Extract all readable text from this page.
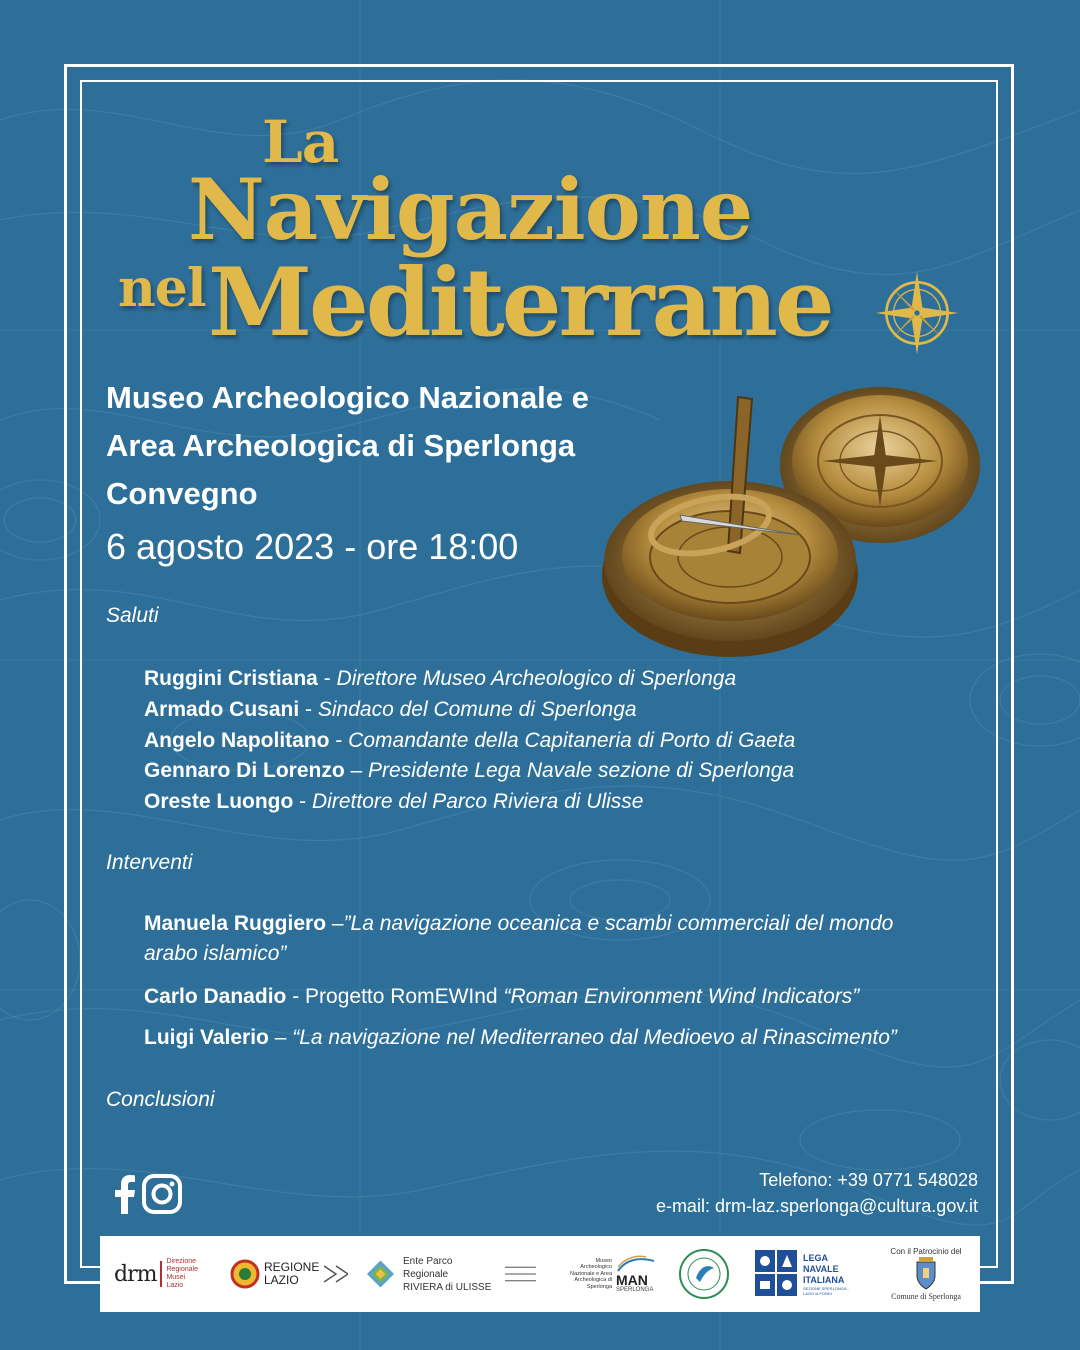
La
Navigazione
nel Mediterrane
Museo Archeologico Nazionale e
Area Archeologica di Sperlonga
Convegno
6 agosto 2023 - ore 18:00
Saluti
Ruggini Cristiana - Direttore Museo Archeologico di Sperlonga
Armado Cusani - Sindaco del Comune di Sperlonga
Angelo Napolitano - Comandante della Capitaneria di Porto di Gaeta
Gennaro Di Lorenzo – Presidente Lega Navale sezione di Sperlonga
Oreste Luongo - Direttore del Parco Riviera di Ulisse
Interventi
Manuela Ruggiero –”La navigazione oceanica e scambi commerciali del mondo
arabo islamico”
Carlo Danadio - Progetto RomEWInd “Roman Environment Wind Indicators”
Luigi Valerio – “La navigazione nel Mediterraneo dal Medioevo al Rinascimento”
Conclusioni
Telefono: +39 0771 548028
e-mail: drm-laz.sperlonga@cultura.gov.it
drm Direzione Regionale Musei Lazio
REGIONE LAZIO
Ente Parco Regionale
RIVIERA di ULISSE
Museo Archeologico Nazionale e Area Archeologica di Sperlonga MAN
SPERLONGA
LEGA
NAVALE
ITALIANA
SEZIONE SPERLONGA - LAGO di FONDI
Con il Patrocinio del
Comune di Sperlonga
